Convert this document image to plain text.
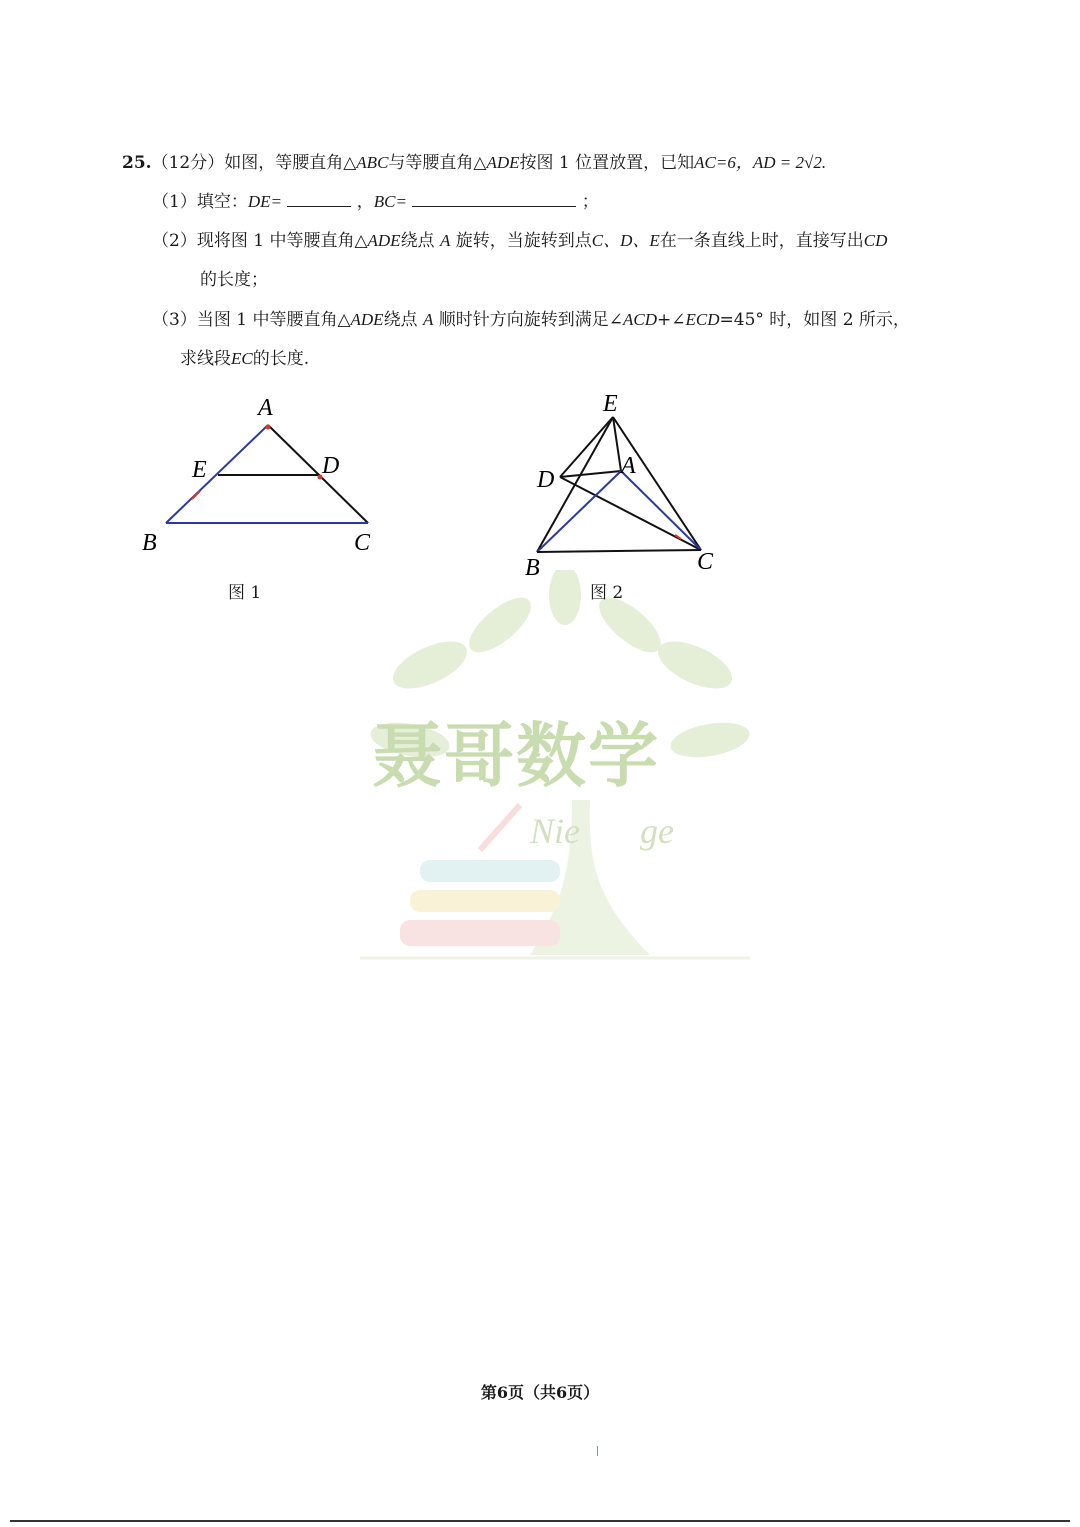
聂哥数学
Nie ge
25.（12分）如图，等腰直角△ABC与等腰直角△ADE按图 1 位置放置，已知AC=6，AD = 2√2.
（1）填空：DE=	，BC=	；
（2）现将图 1 中等腰直角△ADE绕点 A 旋转，当旋转到点C、D、E在一条直线上时，直接写出CD
的长度；
（3）当图 1 中等腰直角△ADE绕点 A 顺时针方向旋转到满足∠ACD+∠ECD=45° 时，如图 2 所示，
求线段EC的长度.
A
E	D
B	C
图 1
E
D
A
B	C
图 2
第6页（共6页）
